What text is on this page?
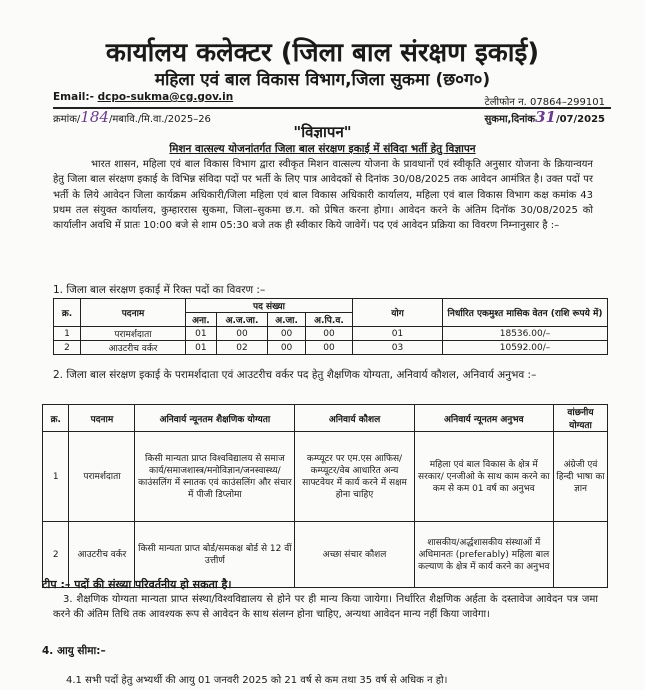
कार्यालय कलेक्टर (जिला बाल संरक्षण इकाई)
महिला एवं बाल विकास विभाग,जिला सुकमा (छ०ग०)
Email:- dcpo-sukma@cg.gov.in	टेलीफोन न. 07864–299101
क्रमांक/184/मबावि./मि.वा./2025–26	सुकमा,दिनांक31/07/2025
"विज्ञापन"
मिशन वात्सल्य योजनांतर्गत जिला बाल संरक्षण इकाई में संविदा भर्ती हेतु विज्ञापन

भारत शासन, महिला एवं बाल विकास विभाग द्वारा स्वीकृत मिशन वात्सल्य योजना के प्रावधानों एवं स्वीकृति अनुसार योजना के क्रियान्वयन हेतु जिला बाल संरक्षण इकाई के विभिन्न संविदा पदों पर भर्ती के लिए पात्र आवेदकों से दिनांक 30/08/2025 तक आवेदन आमंत्रित है। उक्त पदों पर भर्ती के लिये आवेदन जिला कार्यक्रम अधिकारी/जिला महिला एवं बाल विकास अधिकारी कार्यालय, महिला एवं बाल विकास विभाग कक्ष कमांक 43 प्रथम तल संयुक्त कार्यालय, कुम्हाररास सुकमा, जिला–सुकमा छ.ग. को प्रेषित करना होगा। आवेदन करने के अंतिम दिनॉक 30/08/2025 को कार्यालीन अवधि में प्रातः 10:00 बजे से शाम 05:30 बजे तक ही स्वीकार किये जावेगें। पद एवं आवेदन प्रक्रिया का विवरण निम्नानुसार है :–

1. जिला बाल संरक्षण इकाई में रिक्त पदों का विवरण :–

क्र.	पदनाम	पद संख्या				योग	निर्धारित एकमुश्त मासिक वेतन (राशि रूपये में)
		अना.	अ.ज.जा.	अ.जा.	अ.पि.व.		
1	परामर्शदाता	01	00	00	00	01	18536.00/–
2	आउटरीच वर्कर	01	02	00	00	03	10592.00/–

2. जिला बाल संरक्षण इकाई के परामर्शदाता एवं आउटरीच वर्कर पद हेतु शैक्षणिक योग्यता, अनिवार्य कौशल, अनिवार्य अनुभव :–

क्र.	पदनाम	अनिवार्य न्यूनतम शैक्षणिक योग्यता	अनिवार्य कौशल	अनिवार्य न्यूनतम अनुभव	वांछनीय योग्यता
1	परामर्शदाता	किसी मान्यता प्राप्त विश्वविद्यालय से समाज कार्य/समाजशास्त्र/मनोविज्ञान/जनस्वास्थ्य/ काउंसलिंग में स्नातक एवं काउंसलिंग और संचार में पीजी डिप्लोमा	कम्प्यूटर पर एम.एस आफिस/कम्प्यूटर/वेब आधारित अन्य साफ्टवेयर में कार्य करने में सक्षम होना चाहिए	महिला एवं बाल विकास के क्षेत्र में सरकार/ एनजीओ के साथ काम करने का कम से कम 01 वर्ष का अनुभव	अंग्रेजी एवं हिन्दी भाषा का ज्ञान
2	आउटरीच वर्कर	किसी मान्यता प्राप्त बोर्ड/समकक्ष बोर्ड से 12 वीं उत्तीर्ण	अच्छा संचार कौशल	शासकीय/अर्द्धशासकीय संस्थाओं में अधिमानतः (preferably) महिला बाल कल्याण के क्षेत्र में कार्य करने का अनुभव	
टीप :– पदों की संख्या परिवर्तनीय हो सकता है।

3. शैक्षणिक योग्यता मान्यता प्राप्त संस्था/विश्वविद्यालय से होने पर ही मान्य किया जायेगा। निर्धारित शैक्षणिक अर्हता के दस्तावेज आवेदन पत्र जमा करने की अंतिम तिथि तक आवश्यक रूप से आवेदन के साथ संलग्न होना चाहिए, अन्यथा आवेदन मान्य नहीं किया जावेगा।

4. आयु सीमा:–
4.1 सभी पदों हेतु अभ्यर्थी की आयु 01 जनवरी 2025 को 21 वर्ष से कम तथा 35 वर्ष से अधिक न हो।
